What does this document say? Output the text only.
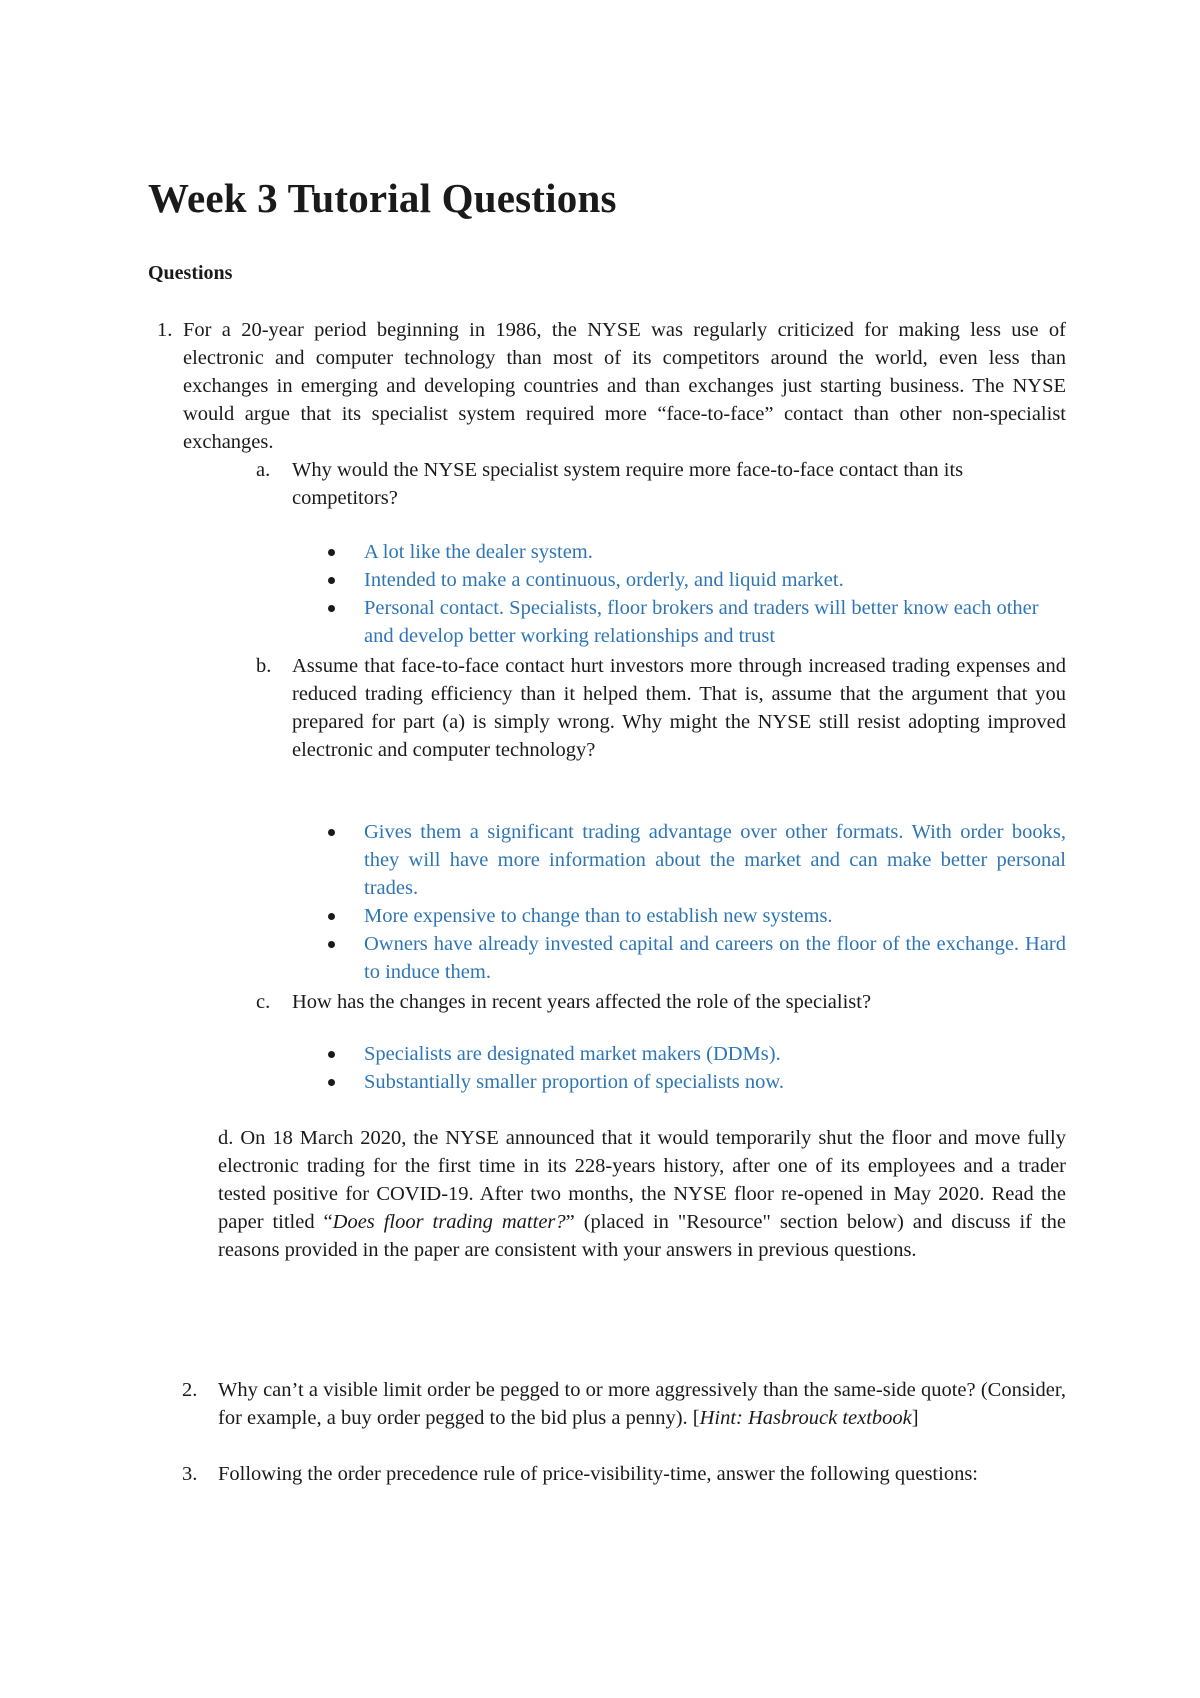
Week 3 Tutorial Questions
Questions
1. For a 20-year period beginning in 1986, the NYSE was regularly criticized for making less use of electronic and computer technology than most of its competitors around the world, even less than exchanges in emerging and developing countries and than exchanges just starting business. The NYSE would argue that its specialist system required more “face-to-face” contact than other non-specialist exchanges.
a. Why would the NYSE specialist system require more face-to-face contact than its competitors?
A lot like the dealer system.
Intended to make a continuous, orderly, and liquid market.
Personal contact. Specialists, floor brokers and traders will better know each other and develop better working relationships and trust
b. Assume that face-to-face contact hurt investors more through increased trading expenses and reduced trading efficiency than it helped them. That is, assume that the argument that you prepared for part (a) is simply wrong. Why might the NYSE still resist adopting improved electronic and computer technology?
Gives them a significant trading advantage over other formats. With order books, they will have more information about the market and can make better personal trades.
More expensive to change than to establish new systems.
Owners have already invested capital and careers on the floor of the exchange. Hard to induce them.
c. How has the changes in recent years affected the role of the specialist?
Specialists are designated market makers (DDMs).
Substantially smaller proportion of specialists now.
d. On 18 March 2020, the NYSE announced that it would temporarily shut the floor and move fully electronic trading for the first time in its 228-years history, after one of its employees and a trader tested positive for COVID-19. After two months, the NYSE floor re-opened in May 2020. Read the paper titled “Does floor trading matter?” (placed in "Resource" section below) and discuss if the reasons provided in the paper are consistent with your answers in previous questions.
2. Why can’t a visible limit order be pegged to or more aggressively than the same-side quote? (Consider, for example, a buy order pegged to the bid plus a penny). [Hint: Hasbrouck textbook]
3. Following the order precedence rule of price-visibility-time, answer the following questions:
